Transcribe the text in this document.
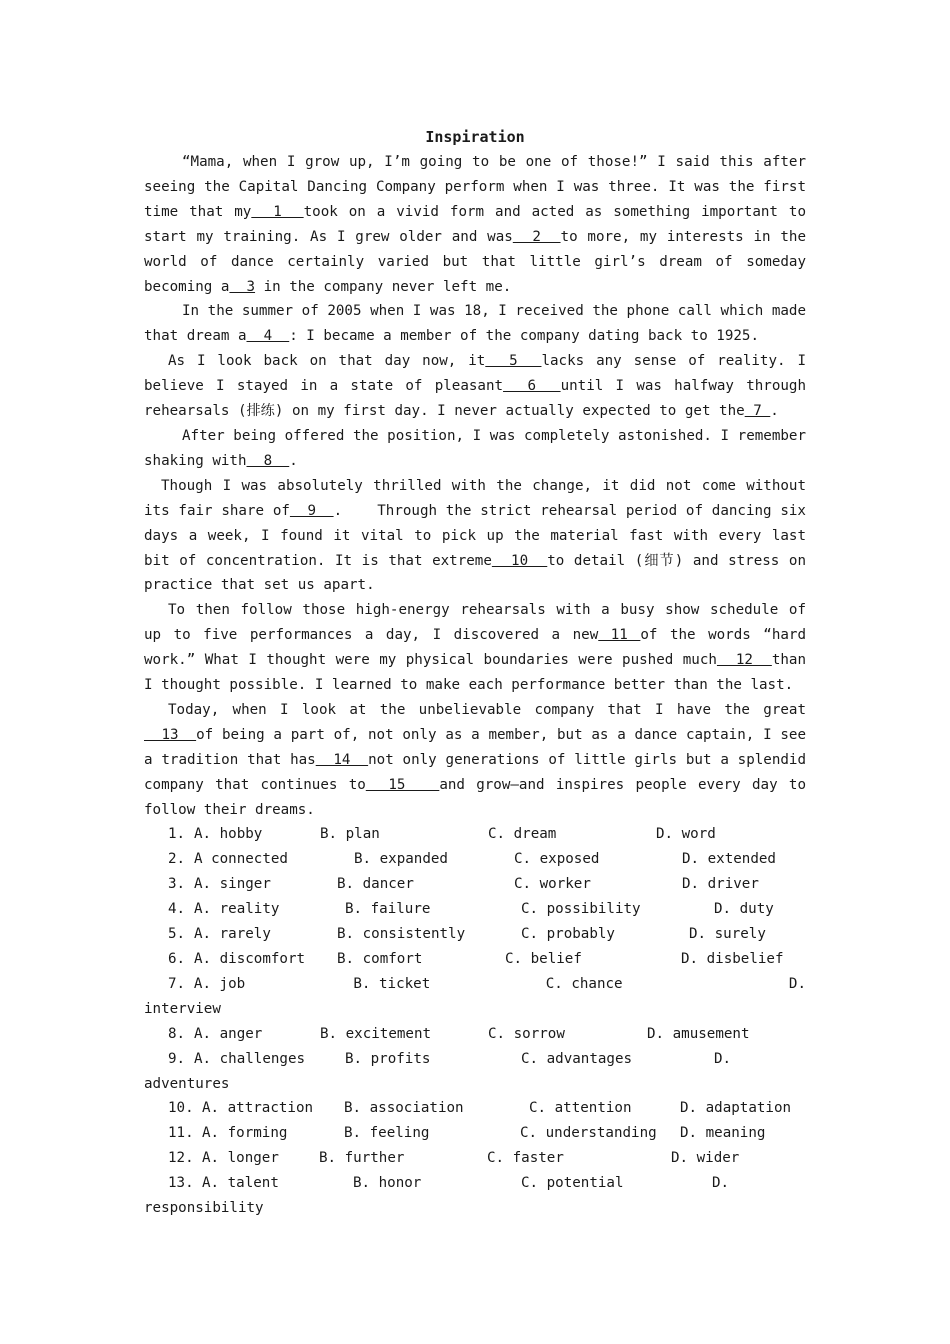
Inspiration

“Mama, when I grow up, I’m going to be one of those!” I said this after seeing the Capital Dancing Company perform when I was three. It was the first time that my  1  took on a vivid form and acted as something important to start my training. As I grew older and was  2  to more, my interests in the world of dance certainly varied but that little girl’s dream of someday becoming a  3 in the company never left me.

In the summer of 2005 when I was 18, I received the phone call which made that dream a  4  : I became a member of the company dating back to 1925.

As I look back on that day now, it  5  lacks any sense of reality. I believe I stayed in a state of pleasant  6  until I was halfway through rehearsals (排练) on my first day. I never actually expected to get the 7 .

After being offered the position, I was completely astonished. I remember shaking with  8  .

Though I was absolutely thrilled with the change, it did not come without its fair share of  9  .    Through the strict rehearsal period of dancing six days a week, I found it vital to pick up the material fast with every last bit of concentration. It is that extreme  10  to detail (细节) and stress on practice that set us apart.

To then follow those high-energy rehearsals with a busy show schedule of up to five performances a day, I discovered a new 11 of the words “hard work.” What I thought were my physical boundaries were pushed much  12  than I thought possible. I learned to make each performance better than the last.

Today, when I look at the unbelievable company that I have the great  13  of being a part of, not only as a member, but as a dance captain, I see a tradition that has  14  not only generations of little girls but a splendid company that continues to  15   and grow—and inspires people every day to follow their dreams.

1. A. hobby	B. plan	C. dream	D. word
2. A connected	B. expanded	C. exposed	D. extended
3. A. singer	B. dancer	C. worker	D. driver
4. A. reality	B. failure	C. possibility	D. duty
5. A. rarely	B. consistently	C. probably	D. surely
6. A. discomfort	B. comfort	C. belief	D. disbelief
7. A. job	B. ticket	C. chance	D.
interview
8. A. anger	B. excitement	C. sorrow	D. amusement
9. A. challenges	B. profits	C. advantages	D.
adventures
10. A. attraction	B. association	C. attention	D. adaptation
11. A. forming	B. feeling	C. understanding	D. meaning
12. A. longer	B. further	C. faster	D. wider
13. A. talent	B. honor	C. potential	D.
responsibility
